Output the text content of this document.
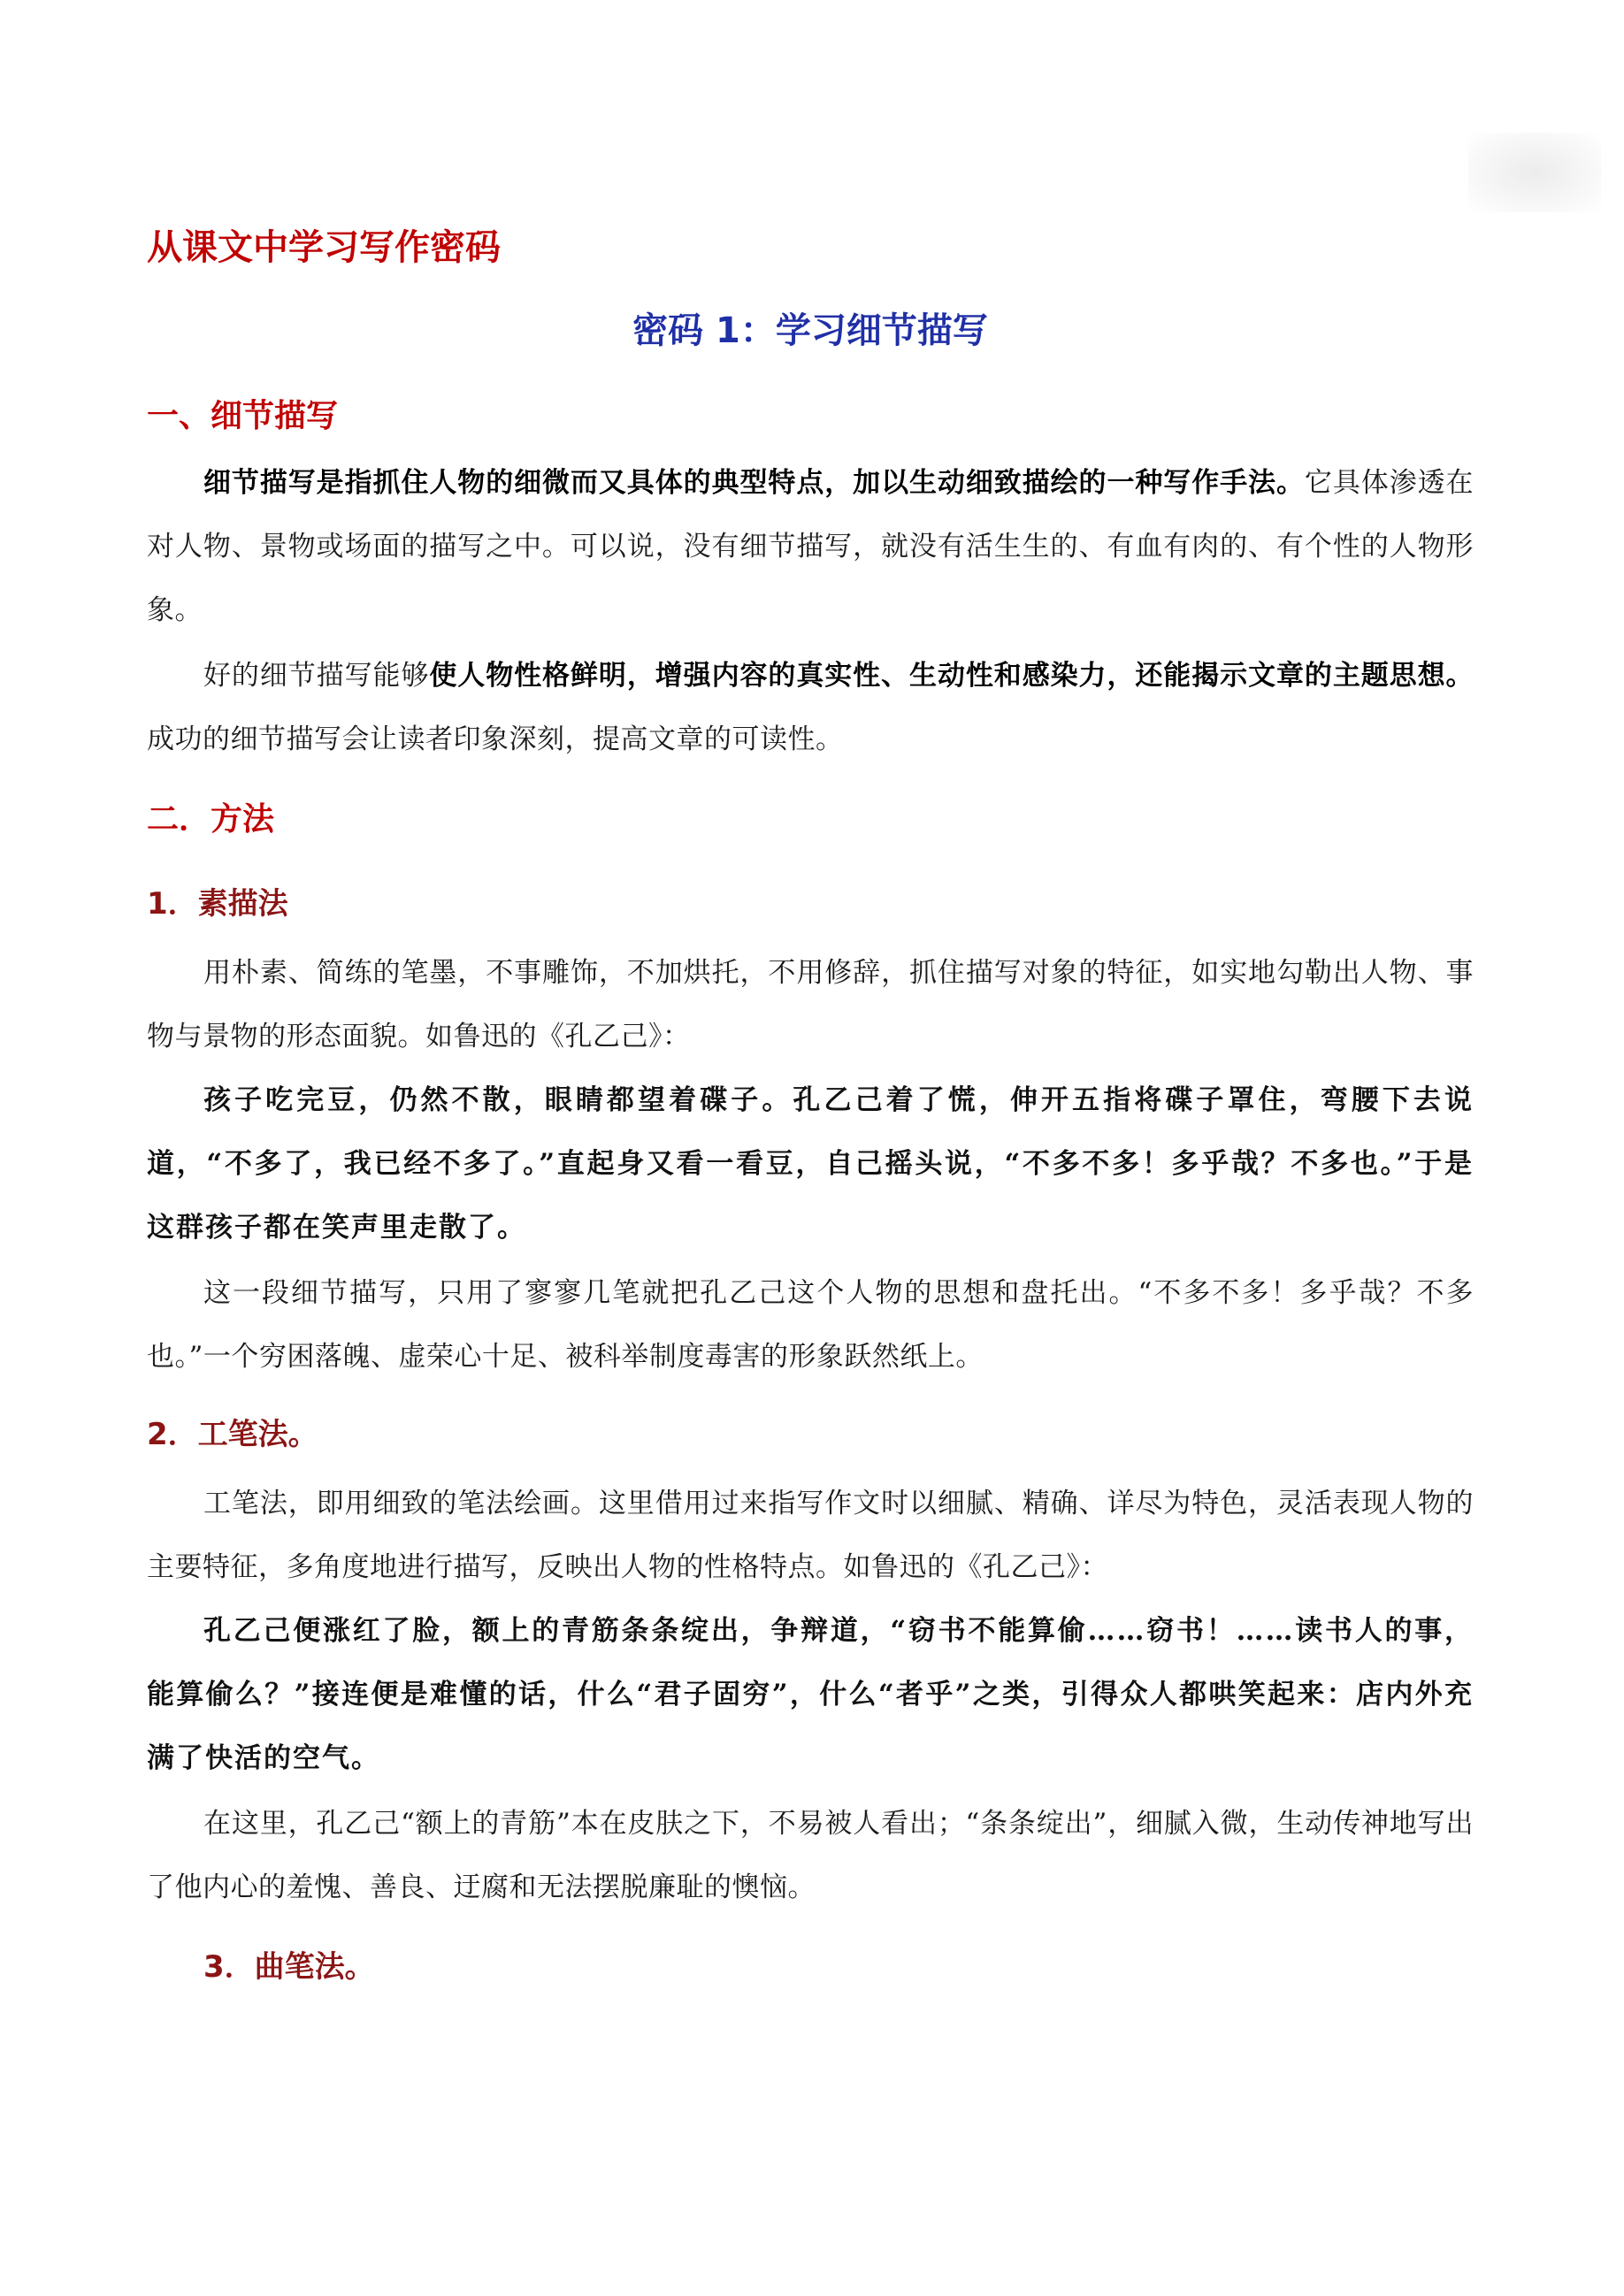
从课文中学习写作密码
密码 1：学习细节描写
一、细节描写
细节描写是指抓住人物的细微而又具体的典型特点，加以生动细致描绘的一种写作手法。它具体渗透在对人物、景物或场面的描写之中。可以说，没有细节描写，就没有活生生的、有血有肉的、有个性的人物形象。
好的细节描写能够使人物性格鲜明，增强内容的真实性、生动性和感染力，还能揭示文章的主题思想。成功的细节描写会让读者印象深刻，提高文章的可读性。
二．方法
1．素描法
用朴素、简练的笔墨，不事雕饰，不加烘托，不用修辞，抓住描写对象的特征，如实地勾勒出人物、事物与景物的形态面貌。如鲁迅的《孔乙己》：
孩子吃完豆，仍然不散，眼睛都望着碟子。孔乙己着了慌，伸开五指将碟子罩住，弯腰下去说道，“不多了，我已经不多了。”直起身又看一看豆，自己摇头说，“不多不多！多乎哉？不多也。”于是这群孩子都在笑声里走散了。
这一段细节描写，只用了寥寥几笔就把孔乙己这个人物的思想和盘托出。“不多不多！多乎哉？不多也。”一个穷困落魄、虚荣心十足、被科举制度毒害的形象跃然纸上。
2．工笔法。
工笔法，即用细致的笔法绘画。这里借用过来指写作文时以细腻、精确、详尽为特色，灵活表现人物的主要特征，多角度地进行描写，反映出人物的性格特点。如鲁迅的《孔乙己》：
孔乙己便涨红了脸，额上的青筋条条绽出，争辩道，“窃书不能算偷……窃书！……读书人的事，能算偷么？”接连便是难懂的话，什么“君子固穷”，什么“者乎”之类，引得众人都哄笑起来：店内外充满了快活的空气。
在这里，孔乙己“额上的青筋”本在皮肤之下，不易被人看出；“条条绽出”，细腻入微，生动传神地写出了他内心的羞愧、善良、迂腐和无法摆脱廉耻的懊恼。
3．曲笔法。
